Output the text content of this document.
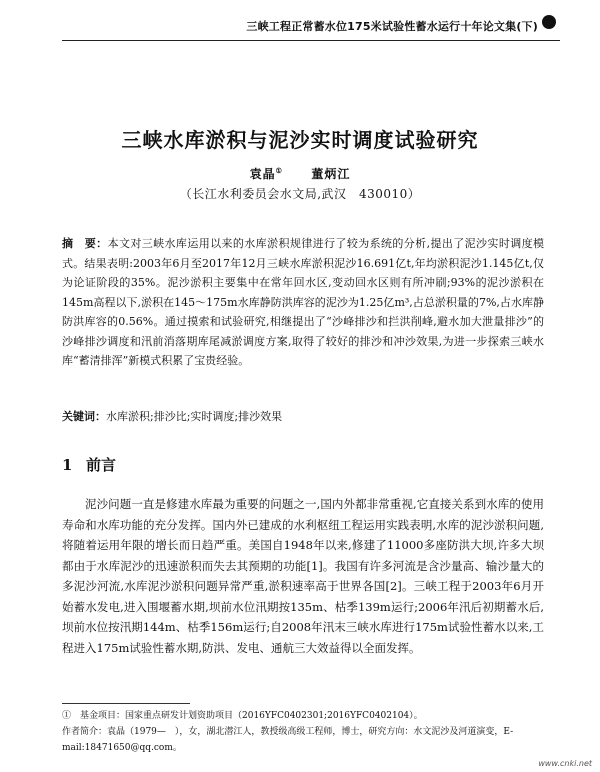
三峡工程正常蓄水位175米试验性蓄水运行十年论文集(下)
三峡水库淤积与泥沙实时调度试验研究
袁晶① 董炳江
（长江水利委员会水文局,武汉　430010）
摘　要：本文对三峡水库运用以来的水库淤积规律进行了较为系统的分析,提出了泥沙实时调度模式。结果表明:2003年6月至2017年12月三峡水库淤积泥沙16.691亿t,年均淤积泥沙1.145亿t,仅为论证阶段的35%。泥沙淤积主要集中在常年回水区,变动回水区则有所冲刷;93%的泥沙淤积在145m高程以下,淤积在145～175m水库静防洪库容的泥沙为1.25亿m³,占总淤积量的7%,占水库静防洪库容的0.56%。通过摸索和试验研究,相继提出了“沙峰排沙和拦洪削峰,避水加大泄量排沙”的沙峰排沙调度和汛前消落期库尾减淤调度方案,取得了较好的排沙和冲沙效果,为进一步探索三峡水库“蓄清排浑”新模式积累了宝贵经验。
关键词：水库淤积;排沙比;实时调度;排沙效果
1 前言
泥沙问题一直是修建水库最为重要的问题之一,国内外都非常重视,它直接关系到水库的使用寿命和水库功能的充分发挥。国内外已建成的水利枢纽工程运用实践表明,水库的泥沙淤积问题,将随着运用年限的增长而日趋严重。美国自1948年以来,修建了11000多座防洪大坝,许多大坝都由于水库泥沙的迅速淤积而失去其预期的功能[1]。我国有许多河流是含沙量高、输沙量大的多泥沙河流,水库泥沙淤积问题异常严重,淤积速率高于世界各国[2]。三峡工程于2003年6月开始蓄水发电,进入围堰蓄水期,坝前水位汛期按135m、枯季139m运行;2006年汛后初期蓄水后,坝前水位按汛期144m、枯季156m运行;自2008年汛末三峡水库进行175m试验性蓄水以来,工程进入175m试验性蓄水期,防洪、发电、通航三大效益得以全面发挥。
①　基金项目：国家重点研发计划资助项目（2016YFC0402301;2016YFC0402104）。
作者简介：袁晶（1979—　），女，湖北潜江人，教授级高级工程师，博士，研究方向：水文泥沙及河道演变，E-mail:18471650@qq.com。
www.cnki.net
